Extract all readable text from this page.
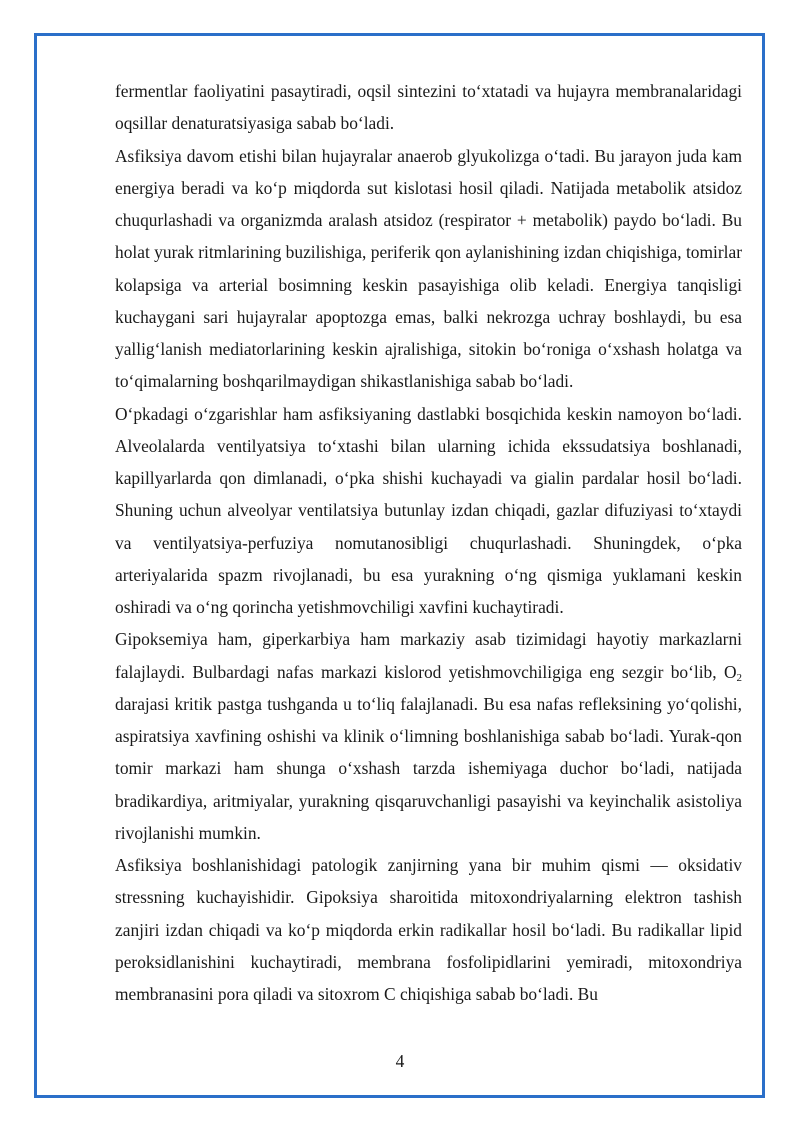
fermentlar faoliyatini pasaytiradi, oqsil sintezini to‘xtatadi va hujayra membranalaridagi oqsillar denaturatsiyasiga sabab bo‘ladi.

Asfiksiya davom etishi bilan hujayralar anaerob glyukolizga o‘tadi. Bu jarayon juda kam energiya beradi va ko‘p miqdorda sut kislotasi hosil qiladi. Natijada metabolik atsidoz chuqurlashadi va organizmda aralash atsidoz (respirator + metabolik) paydo bo‘ladi. Bu holat yurak ritmlarining buzilishiga, periferik qon aylanishining izdan chiqishiga, tomirlar kolapsiga va arterial bosimning keskin pasayishiga olib keladi. Energiya tanqisligi kuchaygani sari hujayralar apoptozga emas, balki nekrozga uchray boshlaydi, bu esa yallig‘lanish mediatorlarining keskin ajralishiga, sitokin bo‘roniga o‘xshash holatga va to‘qimalarning boshqarilmaydigan shikastlanishiga sabab bo‘ladi.

O‘pkadagi o‘zgarishlar ham asfiksiyaning dastlabki bosqichida keskin namoyon bo‘ladi. Alveolalarda ventilyatsiya to‘xtashi bilan ularning ichida ekssudatsiya boshlanadi, kapillyarlarda qon dimlanadi, o‘pka shishi kuchayadi va gialin pardalar hosil bo‘ladi. Shuning uchun alveolyar ventilatsiya butunlay izdan chiqadi, gazlar difuziyasi to‘xtaydi va ventilyatsiya-perfuziya nomutanosibligi chuqurlashadi. Shuningdek, o‘pka arteriyalarida spazm rivojlanadi, bu esa yurakning o‘ng qismiga yuklamani keskin oshiradi va o‘ng qorincha yetishmovchiligi xavfini kuchaytiradi.

Gipoksemiya ham, giperkarbiya ham markaziy asab tizimidagi hayotiy markazlarni falajlaydi. Bulbardagi nafas markazi kislorod yetishmovchiligiga eng sezgir bo‘lib, $O_2$ darajasi kritik pastga tushganda u to‘liq falajlanadi. Bu esa nafas refleksining yo‘qolishi, aspiratsiya xavfining oshishi va klinik o‘limning boshlanishiga sabab bo‘ladi. Yurak-qon tomir markazi ham shunga o‘xshash tarzda ishemiyaga duchor bo‘ladi, natijada bradikardiya, aritmiyalar, yurakning qisqaruvchanligi pasayishi va keyinchalik asistoliya rivojlanishi mumkin.

Asfiksiya boshlanishidagi patologik zanjirning yana bir muhim qismi — oksidativ stressning kuchayishidir. Gipoksiya sharoitida mitoxondriyalarning elektron tashish zanjiri izdan chiqadi va ko‘p miqdorda erkin radikallar hosil bo‘ladi. Bu radikallar lipid peroksidlanishini kuchaytiradi, membrana fosfolipidlarini yemiradi, mitoxondriya membranasini pora qiladi va sitoxrom C chiqishiga sabab bo‘ladi. Bu

4
